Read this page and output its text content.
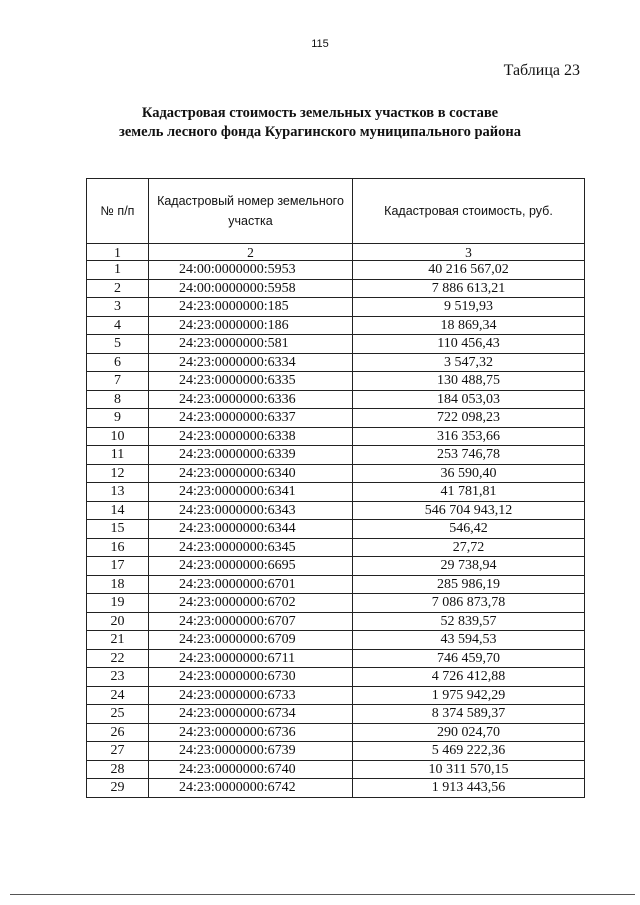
115
Таблица 23
Кадастровая стоимость земельных участков в составе
земель лесного фонда Курагинского муниципального района
№ п/п	Кадастровый номер земельного участка	Кадастровая стоимость, руб.
1	2	3
1	24:00:0000000:5953	40 216 567,02
2	24:00:0000000:5958	7 886 613,21
3	24:23:0000000:185	9 519,93
4	24:23:0000000:186	18 869,34
5	24:23:0000000:581	110 456,43
6	24:23:0000000:6334	3 547,32
7	24:23:0000000:6335	130 488,75
8	24:23:0000000:6336	184 053,03
9	24:23:0000000:6337	722 098,23
10	24:23:0000000:6338	316 353,66
11	24:23:0000000:6339	253 746,78
12	24:23:0000000:6340	36 590,40
13	24:23:0000000:6341	41 781,81
14	24:23:0000000:6343	546 704 943,12
15	24:23:0000000:6344	546,42
16	24:23:0000000:6345	27,72
17	24:23:0000000:6695	29 738,94
18	24:23:0000000:6701	285 986,19
19	24:23:0000000:6702	7 086 873,78
20	24:23:0000000:6707	52 839,57
21	24:23:0000000:6709	43 594,53
22	24:23:0000000:6711	746 459,70
23	24:23:0000000:6730	4 726 412,88
24	24:23:0000000:6733	1 975 942,29
25	24:23:0000000:6734	8 374 589,37
26	24:23:0000000:6736	290 024,70
27	24:23:0000000:6739	5 469 222,36
28	24:23:0000000:6740	10 311 570,15
29	24:23:0000000:6742	1 913 443,56
